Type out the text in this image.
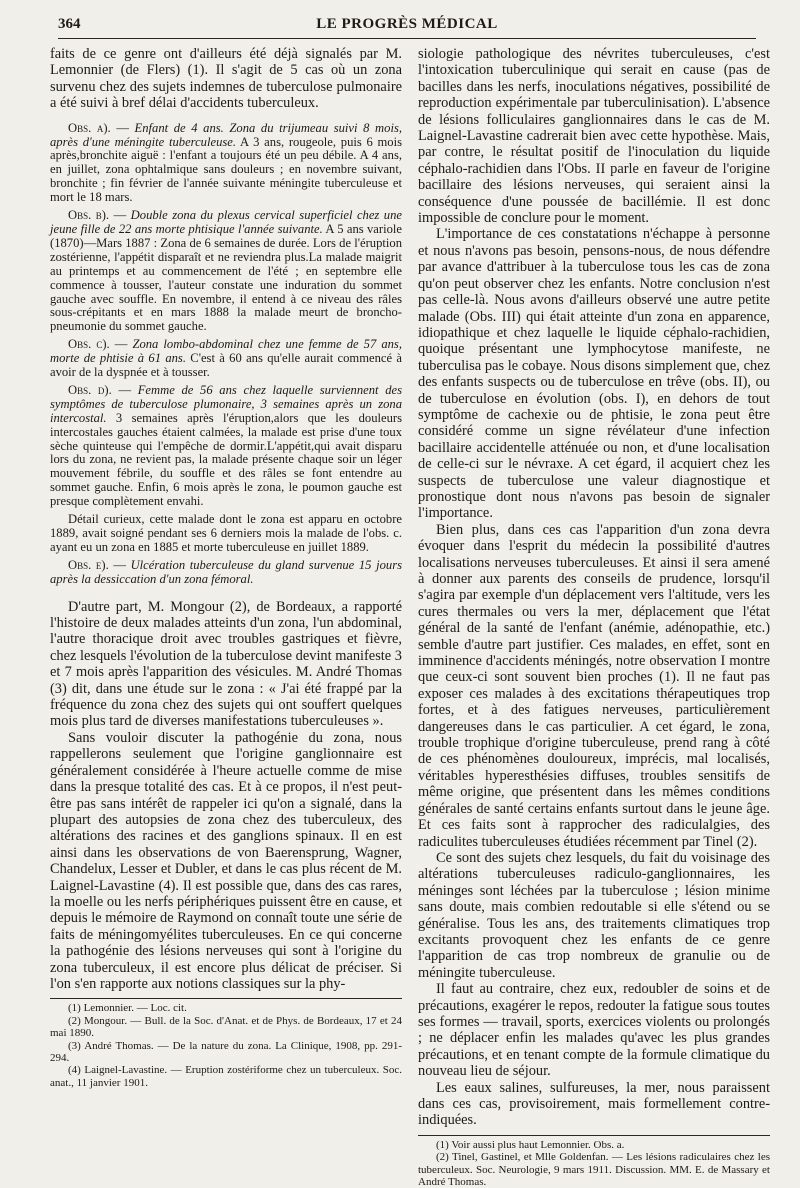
364	LE PROGRÈS MÉDICAL

faits de ce genre ont d'ailleurs été déjà signalés par M. Lemonnier (de Flers) (1). Il s'agit de 5 cas où un zona survenu chez des sujets indemnes de tuberculose pulmonaire a été suivi à bref délai d'accidents tuberculeux.

Obs. a). — Enfant de 4 ans. Zona du trijumeau suivi 8 mois, après d'une méningite tuberculeuse. A 3 ans, rougeole, puis 6 mois après,bronchite aiguë : l'enfant a toujours été un peu débile. A 4 ans, en juillet, zona ophtalmique sans douleurs ; en novembre suivant, bronchite ; fin février de l'année suivante méningite tuberculeuse et mort le 18 mars.

Obs. b). — Double zona du plexus cervical superficiel chez une jeune fille de 22 ans morte phtisique l'année suivante. A 5 ans variole (1870)—Mars 1887 : Zona de 6 semaines de durée. Lors de l'éruption zostérienne, l'appétit disparaît et ne reviendra plus.La malade maigrit au printemps et au commencement de l'été ; en septembre elle commence à tousser, l'auteur constate une induration du sommet gauche avec souffle. En novembre, il entend à ce niveau des râles sous-crépitants et en mars 1888 la malade meurt de broncho-pneumonie du sommet gauche.

Obs. c). — Zona lombo-abdominal chez une femme de 57 ans, morte de phtisie à 61 ans. C'est à 60 ans qu'elle aurait commencé à avoir de la dyspnée et à tousser.

Obs. d). — Femme de 56 ans chez laquelle surviennent des symptômes de tuberculose plumonaire, 3 semaines après un zona intercostal. 3 semaines après l'éruption,alors que les douleurs intercostales gauches étaient calmées, la malade est prise d'une toux sèche quinteuse qui l'empêche de dormir.L'appétit,qui avait disparu lors du zona, ne revient pas, la malade présente chaque soir un léger mouvement fébrile, du souffle et des râles se font entendre au sommet gauche. Enfin, 6 mois après le zona, le poumon gauche est presque complètement envahi.

Détail curieux, cette malade dont le zona est apparu en octobre 1889, avait soigné pendant ses 6 derniers mois la malade de l'obs. c. ayant eu un zona en 1885 et morte tuberculeuse en juillet 1889.

Obs. e). — Ulcération tuberculeuse du gland survenue 15 jours après la dessiccation d'un zona fémoral.

D'autre part, M. Mongour (2), de Bordeaux, a rapporté l'histoire de deux malades atteints d'un zona, l'un abdominal, l'autre thoracique droit avec troubles gastriques et fièvre, chez lesquels l'évolution de la tuberculose devint manifeste 3 et 7 mois après l'apparition des vésicules. M. André Thomas (3) dit, dans une étude sur le zona : « J'ai été frappé par la fréquence du zona chez des sujets qui ont souffert quelques mois plus tard de diverses manifestations tuberculeuses ».

Sans vouloir discuter la pathogénie du zona, nous rappellerons seulement que l'origine ganglionnaire est généralement considérée à l'heure actuelle comme de mise dans la presque totalité des cas. Et à ce propos, il n'est peut-être pas sans intérêt de rappeler ici qu'on a signalé, dans la plupart des autopsies de zona chez des tuberculeux, des altérations des racines et des ganglions spinaux. Il en est ainsi dans les observations de von Baerensprung, Wagner, Chandelux, Lesser et Dubler, et dans le cas plus récent de M. Laignel-Lavastine (4). Il est possible que, dans des cas rares, la moelle ou les nerfs périphériques puissent être en cause, et depuis le mémoire de Raymond on connaît toute une série de faits de méningomyélites tuberculeuses. En ce qui concerne la pathogénie des lésions nerveuses qui sont à l'origine du zona tuberculeux, il est encore plus délicat de préciser. Si l'on s'en rapporte aux notions classiques sur la phy-

(1) Lemonnier. — Loc. cit.

(2) Mongour. — Bull. de la Soc. d'Anat. et de Phys. de Bordeaux, 17 et 24 mai 1890.

(3) André Thomas. — De la nature du zona. La Clinique, 1908, pp. 291-294.

(4) Laignel-Lavastine. — Eruption zostériforme chez un tuberculeux. Soc. anat., 11 janvier 1901.

siologie pathologique des névrites tuberculeuses, c'est l'intoxication tuberculinique qui serait en cause (pas de bacilles dans les nerfs, inoculations négatives, possibilité de reproduction expérimentale par tuberculinisation). L'absence de lésions folliculaires ganglionnaires dans le cas de M. Laignel-Lavastine cadrerait bien avec cette hypothèse. Mais, par contre, le résultat positif de l'inoculation du liquide céphalo-rachidien dans l'Obs. II parle en faveur de l'origine bacillaire des lésions nerveuses, qui seraient ainsi la conséquence d'une poussée de bacillémie. Il est donc impossible de conclure pour le moment.

L'importance de ces constatations n'échappe à personne et nous n'avons pas besoin, pensons-nous, de nous défendre par avance d'attribuer à la tuberculose tous les cas de zona qu'on peut observer chez les enfants. Notre conclusion n'est pas celle-là. Nous avons d'ailleurs observé une autre petite malade (Obs. III) qui était atteinte d'un zona en apparence, idiopathique et chez laquelle le liquide céphalo-rachidien, quoique présentant une lymphocytose manifeste, ne tuberculisa pas le cobaye. Nous disons simplement que, chez des enfants suspects ou de tuberculose en trêve (obs. II), ou de tuberculose en évolution (obs. I), en dehors de tout symptôme de cachexie ou de phtisie, le zona peut être considéré comme un signe révélateur d'une infection bacillaire accidentelle atténuée ou non, et d'une localisation de celle-ci sur le névraxe. A cet égard, il acquiert chez les suspects de tuberculose une valeur diagnostique et pronostique dont nous n'avons pas besoin de signaler l'importance.

Bien plus, dans ces cas l'apparition d'un zona devra évoquer dans l'esprit du médecin la possibilité d'autres localisations nerveuses tuberculeuses. Et ainsi il sera amené à donner aux parents des conseils de prudence, lorsqu'il s'agira par exemple d'un déplacement vers l'altitude, vers les cures thermales ou vers la mer, déplacement que l'état général de la santé de l'enfant (anémie, adénopathie, etc.) semble d'autre part justifier. Ces malades, en effet, sont en imminence d'accidents méningés, notre observation I montre que ceux-ci sont souvent bien proches (1). Il ne faut pas exposer ces malades à des excitations thérapeutiques trop fortes, et à des fatigues nerveuses, particulièrement dangereuses dans le cas particulier. A cet égard, le zona, trouble trophique d'origine tuberculeuse, prend rang à côté de ces phénomènes douloureux, imprécis, mal localisés, véritables hyperesthésies diffuses, troubles sensitifs de même origine, que présentent dans les mêmes conditions générales de santé certains enfants surtout dans le jeune âge. Et ces faits sont à rapprocher des radiculalgies, des radiculites tuberculeuses étudiées récemment par Tinel (2).

Ce sont des sujets chez lesquels, du fait du voisinage des altérations tuberculeuses radiculo-ganglionnaires, les méninges sont léchées par la tuberculose ; lésion minime sans doute, mais combien redoutable si elle s'étend ou se généralise. Tous les ans, des traitements climatiques trop excitants provoquent chez les enfants de ce genre l'apparition de cas trop nombreux de granulie ou de méningite tuberculeuse.

Il faut au contraire, chez eux, redoubler de soins et de précautions, exagérer le repos, redouter la fatigue sous toutes ses formes — travail, sports, exercices violents ou prolongés ; ne déplacer enfin les malades qu'avec les plus grandes précautions, et en tenant compte de la formule climatique du nouveau lieu de séjour.

Les eaux salines, sulfureuses, la mer, nous paraissent dans ces cas, provisoirement, mais formellement contre-indiquées.

(1) Voir aussi plus haut Lemonnier. Obs. a.

(2) Tinel, Gastinel, et Mlle Goldenfan. — Les lésions radiculaires chez les tuberculeux. Soc. Neurologie, 9 mars 1911. Discussion. MM. E. de Massary et André Thomas.
